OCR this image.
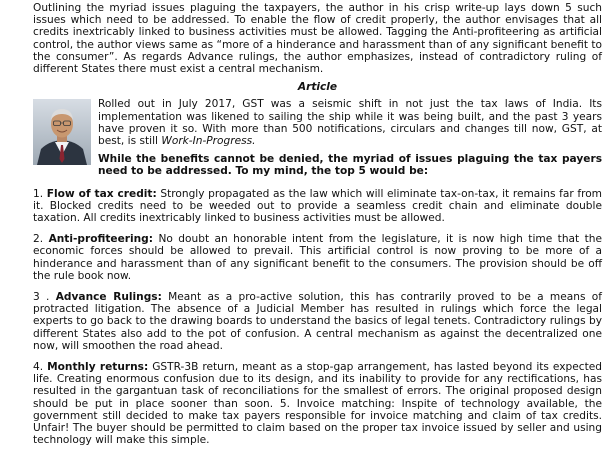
Outlining the myriad issues plaguing the taxpayers, the author in his crisp write-up lays down 5 such issues which need to be addressed. To enable the flow of credit properly, the author envisages that all credits inextricably linked to business activities must be allowed. Tagging the Anti-profiteering as artificial control, the author views same as “more of a hinderance and harassment than of any significant benefit to the consumer”. As regards Advance rulings, the author emphasizes, instead of contradictory ruling of different States there must exist a central mechanism.

Article

Rolled out in July 2017, GST was a seismic shift in not just the tax laws of India. Its implementation was likened to sailing the ship while it was being built, and the past 3 years have proven it so. With more than 500 notifications, circulars and changes till now, GST, at best, is still Work-In-Progress.

While the benefits cannot be denied, the myriad of issues plaguing the tax payers need to be addressed. To my mind, the top 5 would be:

1. Flow of tax credit: Strongly propagated as the law which will eliminate tax-on-tax, it remains far from it. Blocked credits need to be weeded out to provide a seamless credit chain and eliminate double taxation. All credits inextricably linked to business activities must be allowed.

2. Anti-profiteering: No doubt an honorable intent from the legislature, it is now high time that the economic forces should be allowed to prevail. This artificial control is now proving to be more of a hinderance and harassment than of any significant benefit to the consumers. The provision should be off the rule book now.

3 . Advance Rulings: Meant as a pro-active solution, this has contrarily proved to be a means of protracted litigation. The absence of a Judicial Member has resulted in rulings which force the legal experts to go back to the drawing boards to understand the basics of legal tenets. Contradictory rulings by different States also add to the pot of confusion. A central mechanism as against the decentralized one now, will smoothen the road ahead.

4. Monthly returns: GSTR-3B return, meant as a stop-gap arrangement, has lasted beyond its expected life. Creating enormous confusion due to its design, and its inability to provide for any rectifications, has resulted in the gargantuan task of reconciliations for the smallest of errors. The original proposed design should be put in place sooner than soon. 5. Invoice matching: Inspite of technology available, the government still decided to make tax payers responsible for invoice matching and claim of tax credits. Unfair! The buyer should be permitted to claim based on the proper tax invoice issued by seller and using technology will make this simple.
